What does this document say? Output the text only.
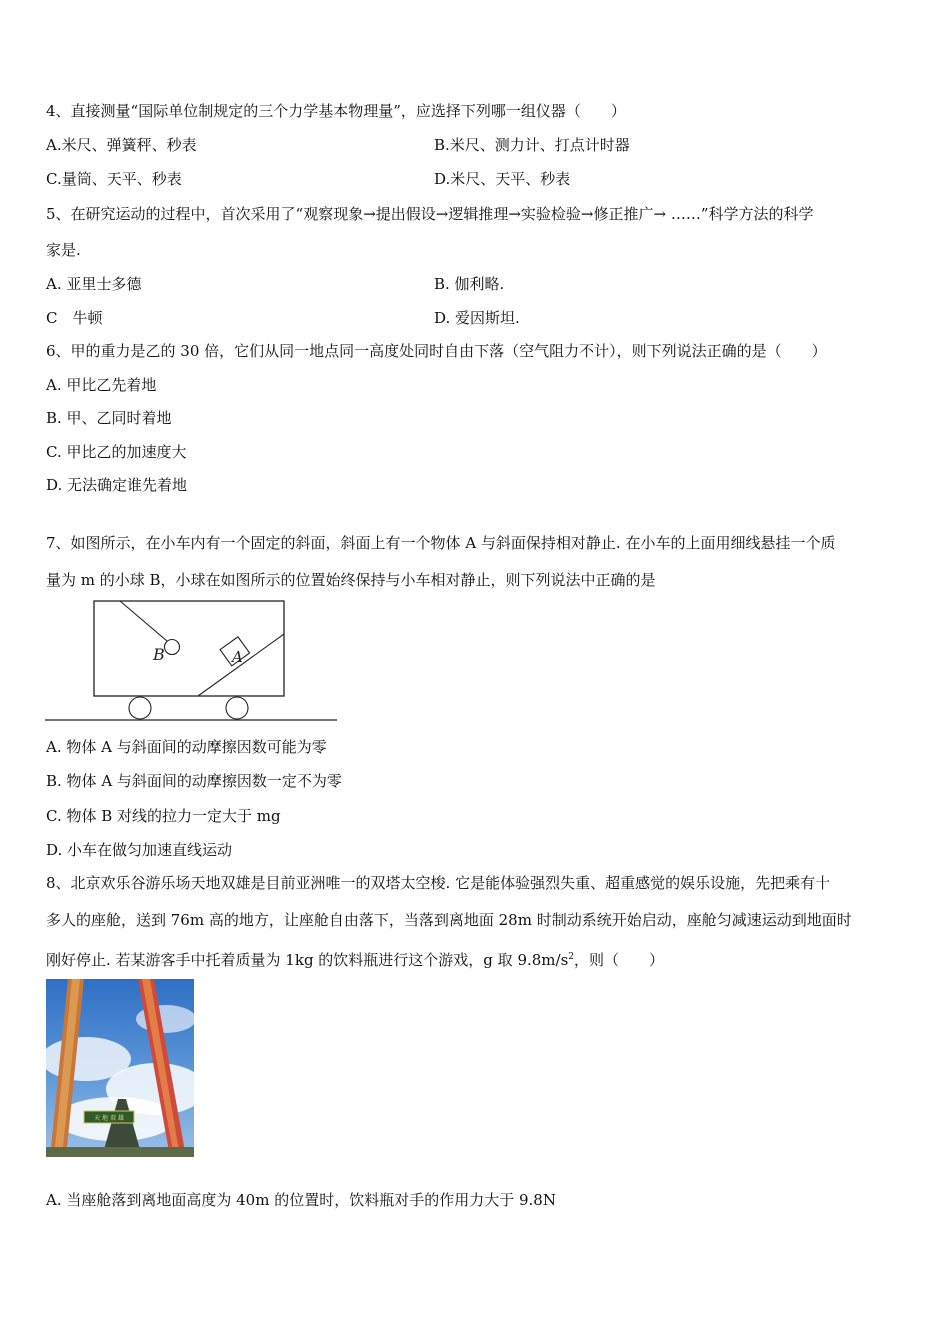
4、直接测量“国际单位制规定的三个力学基本物理量”，应选择下列哪一组仪器（　　）
A.米尺、弹簧秤、秒表	B.米尺、测力计、打点计时器
C.量筒、天平、秒表	D.米尺、天平、秒表
5、在研究运动的过程中，首次采用了“观察现象→提出假设→逻辑推理→实验检验→修正推广→ ……”科学方法的科学
家是.
A. 亚里士多德	B. 伽利略.
C　牛顿	D. 爱因斯坦.
6、甲的重力是乙的 30 倍，它们从同一地点同一高度处同时自由下落（空气阻力不计），则下列说法正确的是（　　）
A. 甲比乙先着地
B. 甲、乙同时着地
C. 甲比乙的加速度大
D. 无法确定谁先着地
7、如图所示，在小车内有一个固定的斜面，斜面上有一个物体 A 与斜面保持相对静止. 在小车的上面用细线悬挂一个质
量为 m 的小球 B，小球在如图所示的位置始终保持与小车相对静止，则下列说法中正确的是
B	A
A. 物体 A 与斜面间的动摩擦因数可能为零
B. 物体 A 与斜面间的动摩擦因数一定不为零
C. 物体 B 对线的拉力一定大于 mg
D. 小车在做匀加速直线运动
8、北京欢乐谷游乐场天地双雄是目前亚洲唯一的双塔太空梭. 它是能体验强烈失重、超重感觉的娱乐设施，先把乘有十
多人的座舱，送到 76m 高的地方，让座舱自由落下，当落到离地面 28m 时制动系统开始启动，座舱匀减速运动到地面时
刚好停止. 若某游客手中托着质量为 1kg 的饮料瓶进行这个游戏，g 取 $9.8m/s^2$，则（　　）
天 地 双 雄
A. 当座舱落到离地面高度为 40m 的位置时，饮料瓶对手的作用力大于 9.8N
